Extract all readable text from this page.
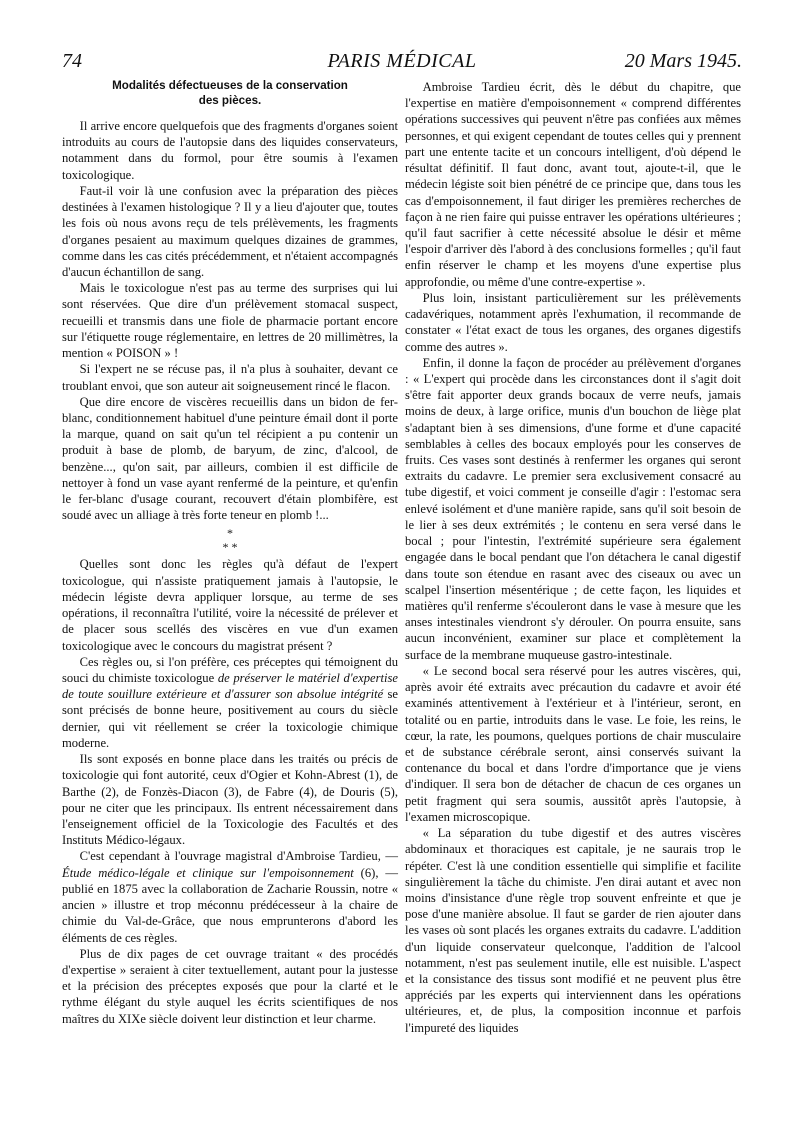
74	PARIS MÉDICAL	20 Mars 1945.
Modalités défectueuses de la conservation
des pièces.

Il arrive encore quelquefois que des fragments d'organes soient introduits au cours de l'autopsie dans des liquides conservateurs, notamment dans du formol, pour être soumis à l'examen toxicologique.

Faut-il voir là une confusion avec la préparation des pièces destinées à l'examen histologique ? Il y a lieu d'ajouter que, toutes les fois où nous avons reçu de tels prélèvements, les fragments d'organes pesaient au maximum quelques dizaines de grammes, comme dans les cas cités précédemment, et n'étaient accompagnés d'aucun échantillon de sang.

Mais le toxicologue n'est pas au terme des surprises qui lui sont réservées. Que dire d'un prélèvement stomacal suspect, recueilli et transmis dans une fiole de pharmacie portant encore sur l'étiquette rouge réglementaire, en lettres de 20 millimètres, la mention « POISON » !

Si l'expert ne se récuse pas, il n'a plus à souhaiter, devant ce troublant envoi, que son auteur ait soigneusement rincé le flacon.

Que dire encore de viscères recueillis dans un bidon de fer-blanc, conditionnement habituel d'une peinture émail dont il porte la marque, quand on sait qu'un tel récipient a pu contenir un produit à base de plomb, de baryum, de zinc, d'alcool, de benzène..., qu'on sait, par ailleurs, combien il est difficile de nettoyer à fond un vase ayant renfermé de la peinture, et qu'enfin le fer-blanc d'usage courant, recouvert d'étain plombifère, est soudé avec un alliage à très forte teneur en plomb !...

*
* *

Quelles sont donc les règles qu'à défaut de l'expert toxicologue, qui n'assiste pratiquement jamais à l'autopsie, le médecin légiste devra appliquer lorsque, au terme de ses opérations, il reconnaîtra l'utilité, voire la nécessité de prélever et de placer sous scellés des viscères en vue d'un examen toxicologique avec le concours du magistrat présent ?

Ces règles ou, si l'on préfère, ces préceptes qui témoignent du souci du chimiste toxicologue de préserver le matériel d'expertise de toute souillure extérieure et d'assurer son absolue intégrité se sont précisés de bonne heure, positivement au cours du siècle dernier, qui vit réellement se créer la toxicologie chimique moderne.

Ils sont exposés en bonne place dans les traités ou précis de toxicologie qui font autorité, ceux d'Ogier et Kohn-Abrest (1), de Barthe (2), de Fonzès-Diacon (3), de Fabre (4), de Douris (5), pour ne citer que les principaux. Ils entrent nécessairement dans l'enseignement officiel de la Toxicologie des Facultés et des Instituts Médico-légaux.

C'est cependant à l'ouvrage magistral d'Ambroise Tardieu, — Étude médico-légale et clinique sur l'empoisonnement (6), — publié en 1875 avec la collaboration de Zacharie Roussin, notre « ancien » illustre et trop méconnu prédécesseur à la chaire de chimie du Val-de-Grâce, que nous emprunterons d'abord les éléments de ces règles.

Plus de dix pages de cet ouvrage traitant « des procédés d'expertise » seraient à citer textuellement, autant pour la justesse et la précision des préceptes exposés que pour la clarté et le rythme élégant du style auquel les écrits scientifiques de nos maîtres du XIXe siècle doivent leur distinction et leur charme.

Ambroise Tardieu écrit, dès le début du chapitre, que l'expertise en matière d'empoisonnement « comprend différentes opérations successives qui peuvent n'être pas confiées aux mêmes personnes, et qui exigent cependant de toutes celles qui y prennent part une entente tacite et un concours intelligent, d'où dépend le résultat définitif. Il faut donc, avant tout, ajoute-t-il, que le médecin légiste soit bien pénétré de ce principe que, dans tous les cas d'empoisonnement, il faut diriger les premières recherches de façon à ne rien faire qui puisse entraver les opérations ultérieures ; qu'il faut sacrifier à cette nécessité absolue le désir et même l'espoir d'arriver dès l'abord à des conclusions formelles ; qu'il faut enfin réserver le champ et les moyens d'une expertise plus approfondie, ou même d'une contre-expertise ».

Plus loin, insistant particulièrement sur les prélèvements cadavériques, notamment après l'exhumation, il recommande de constater « l'état exact de tous les organes, des organes digestifs comme des autres ».

Enfin, il donne la façon de procéder au prélèvement d'organes : « L'expert qui procède dans les circonstances dont il s'agit doit s'être fait apporter deux grands bocaux de verre neufs, jamais moins de deux, à large orifice, munis d'un bouchon de liège plat s'adaptant bien à ses dimensions, d'une forme et d'une capacité semblables à celles des bocaux employés pour les conserves de fruits. Ces vases sont destinés à renfermer les organes qui seront extraits du cadavre. Le premier sera exclusivement consacré au tube digestif, et voici comment je conseille d'agir : l'estomac sera enlevé isolément et d'une manière rapide, sans qu'il soit besoin de le lier à ses deux extrémités ; le contenu en sera versé dans le bocal ; pour l'intestin, l'extrémité supérieure sera également engagée dans le bocal pendant que l'on détachera le canal digestif dans toute son étendue en rasant avec des ciseaux ou avec un scalpel l'insertion mésentérique ; de cette façon, les liquides et matières qu'il renferme s'écouleront dans le vase à mesure que les anses intestinales viendront s'y dérouler. On pourra ensuite, sans aucun inconvénient, examiner sur place et complètement la surface de la membrane muqueuse gastro-intestinale.

« Le second bocal sera réservé pour les autres viscères, qui, après avoir été extraits avec précaution du cadavre et avoir été examinés attentivement à l'extérieur et à l'intérieur, seront, en totalité ou en partie, introduits dans le vase. Le foie, les reins, le cœur, la rate, les poumons, quelques portions de chair musculaire et de substance cérébrale seront, ainsi conservés suivant la contenance du bocal et dans l'ordre d'importance que je viens d'indiquer. Il sera bon de détacher de chacun de ces organes un petit fragment qui sera soumis, aussitôt après l'autopsie, à l'examen microscopique.

« La séparation du tube digestif et des autres viscères abdominaux et thoraciques est capitale, je ne saurais trop le répéter. C'est là une condition essentielle qui simplifie et facilite singulièrement la tâche du chimiste. J'en dirai autant et avec non moins d'insistance d'une règle trop souvent enfreinte et que je pose d'une manière absolue. Il faut se garder de rien ajouter dans les vases où sont placés les organes extraits du cadavre. L'addition d'un liquide conservateur quelconque, l'addition de l'alcool notamment, n'est pas seulement inutile, elle est nuisible. L'aspect et la consistance des tissus sont modifié et ne peuvent plus être appréciés par les experts qui interviennent dans les opérations ultérieures, et, de plus, la composition inconnue et parfois l'impureté des liquides
